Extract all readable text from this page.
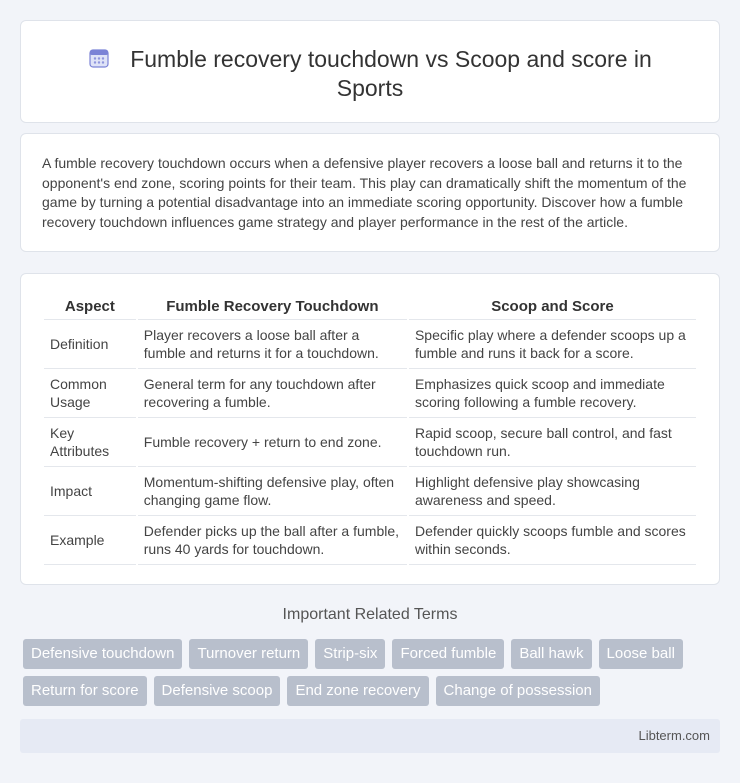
Fumble recovery touchdown vs Scoop and score in Sports

A fumble recovery touchdown occurs when a defensive player recovers a loose ball and returns it to the opponent's end zone, scoring points for their team. This play can dramatically shift the momentum of the game by turning a potential disadvantage into an immediate scoring opportunity. Discover how a fumble recovery touchdown influences game strategy and player performance in the rest of the article.

Aspect	Fumble Recovery Touchdown	Scoop and Score
Definition	Player recovers a loose ball after a fumble and returns it for a touchdown.	Specific play where a defender scoops up a fumble and runs it back for a score.
Common Usage	General term for any touchdown after recovering a fumble.	Emphasizes quick scoop and immediate scoring following a fumble recovery.
Key Attributes	Fumble recovery + return to end zone.	Rapid scoop, secure ball control, and fast touchdown run.
Impact	Momentum-shifting defensive play, often changing game flow.	Highlight defensive play showcasing awareness and speed.
Example	Defender picks up the ball after a fumble, runs 40 yards for touchdown.	Defender quickly scoops fumble and scores within seconds.
Important Related Terms
Defensive touchdown	Turnover return	Strip-six	Forced fumble	Ball hawk	Loose ball
Return for score	Defensive scoop	End zone recovery	Change of possession
Libterm.com
